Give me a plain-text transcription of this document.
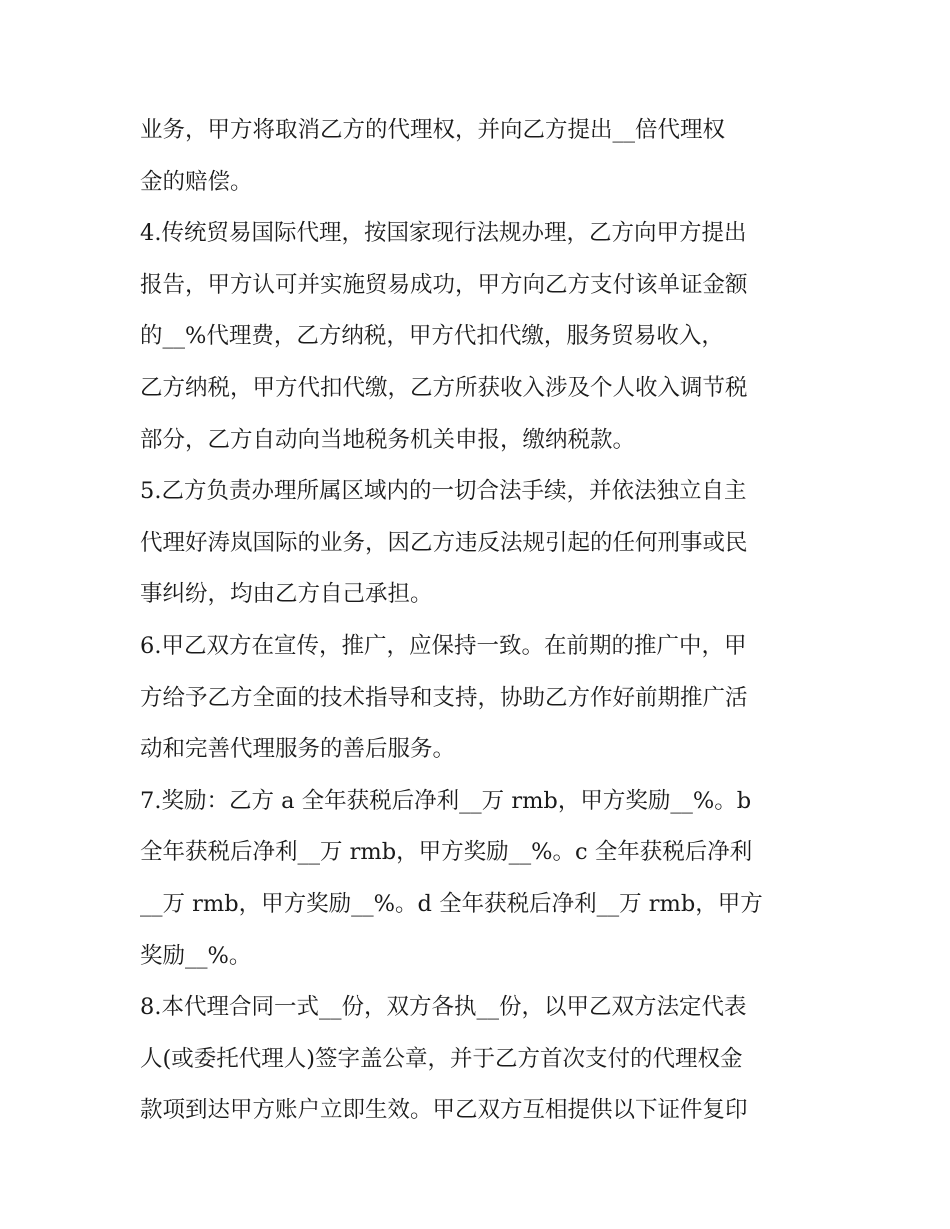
业务，甲方将取消乙方的代理权，并向乙方提出__倍代理权
金的赔偿。
4.传统贸易国际代理，按国家现行法规办理，乙方向甲方提出
报告，甲方认可并实施贸易成功，甲方向乙方支付该单证金额
的__%代理费，乙方纳税，甲方代扣代缴，服务贸易收入，
乙方纳税，甲方代扣代缴，乙方所获收入涉及个人收入调节税
部分，乙方自动向当地税务机关申报，缴纳税款。
5.乙方负责办理所属区域内的一切合法手续，并依法独立自主
代理好涛岚国际的业务，因乙方违反法规引起的任何刑事或民
事纠纷，均由乙方自己承担。
6.甲乙双方在宣传，推广，应保持一致。在前期的推广中，甲
方给予乙方全面的技术指导和支持，协助乙方作好前期推广活
动和完善代理服务的善后服务。
7.奖励：乙方 a 全年获税后净利__万 rmb，甲方奖励__%。b
全年获税后净利__万 rmb，甲方奖励__%。c 全年获税后净利
__万 rmb，甲方奖励__%。d 全年获税后净利__万 rmb，甲方
奖励__%。
8.本代理合同一式__份，双方各执__份，以甲乙双方法定代表
人(或委托代理人)签字盖公章，并于乙方首次支付的代理权金
款项到达甲方账户立即生效。甲乙双方互相提供以下证件复印
